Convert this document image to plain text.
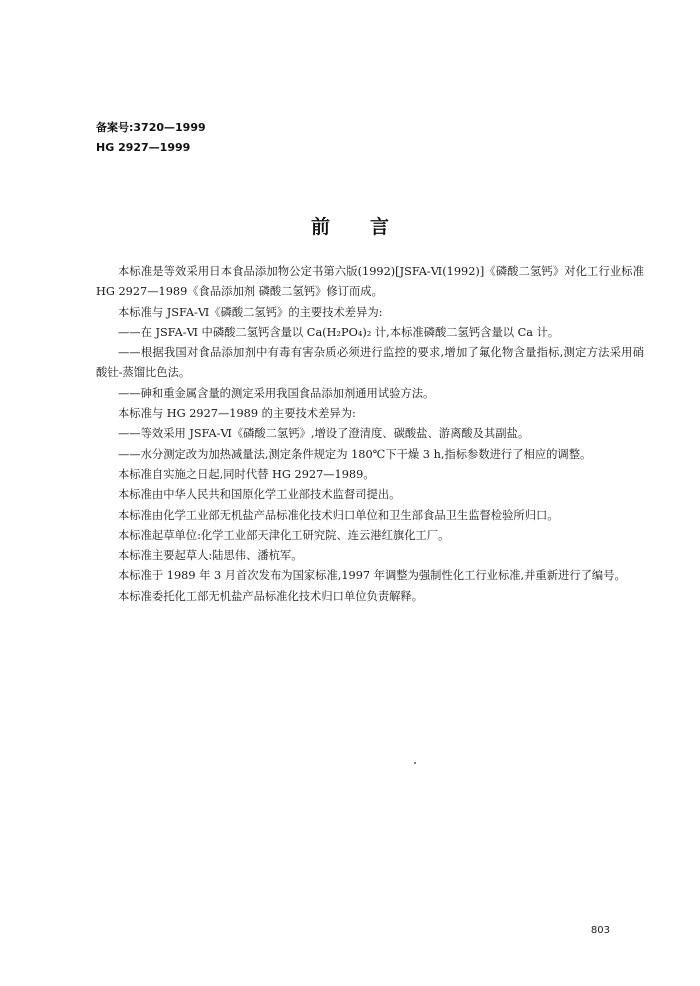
备案号:3720—1999
HG 2927—1999
前言

本标准是等效采用日本食品添加物公定书第六版(1992)[JSFA-Ⅵ(1992)]《磷酸二氢钙》对化工行业标准 HG 2927—1989《食品添加剂 磷酸二氢钙》修订而成。

本标准与 JSFA-Ⅵ《磷酸二氢钙》的主要技术差异为:

——在 JSFA-Ⅵ 中磷酸二氢钙含量以 Ca(H₂PO₄)₂ 计,本标准磷酸二氢钙含量以 Ca 计。

——根据我国对食品添加剂中有毒有害杂质必须进行监控的要求,增加了氟化物含量指标,测定方法采用硝酸钍-蒸馏比色法。

——砷和重金属含量的测定采用我国食品添加剂通用试验方法。

本标准与 HG 2927—1989 的主要技术差异为:

——等效采用 JSFA-Ⅵ《磷酸二氢钙》,增设了澄清度、碳酸盐、游离酸及其副盐。

——水分测定改为加热减量法,测定条件规定为 180℃下干燥 3 h,指标参数进行了相应的调整。

本标准自实施之日起,同时代替 HG 2927—1989。

本标准由中华人民共和国原化学工业部技术监督司提出。

本标准由化学工业部无机盐产品标准化技术归口单位和卫生部食品卫生监督检验所归口。

本标准起草单位:化学工业部天津化工研究院、连云港红旗化工厂。

本标准主要起草人:陆思伟、潘杭军。

本标准于 1989 年 3 月首次发布为国家标准,1997 年调整为强制性化工行业标准,并重新进行了编号。

本标准委托化工部无机盐产品标准化技术归口单位负责解释。

803
